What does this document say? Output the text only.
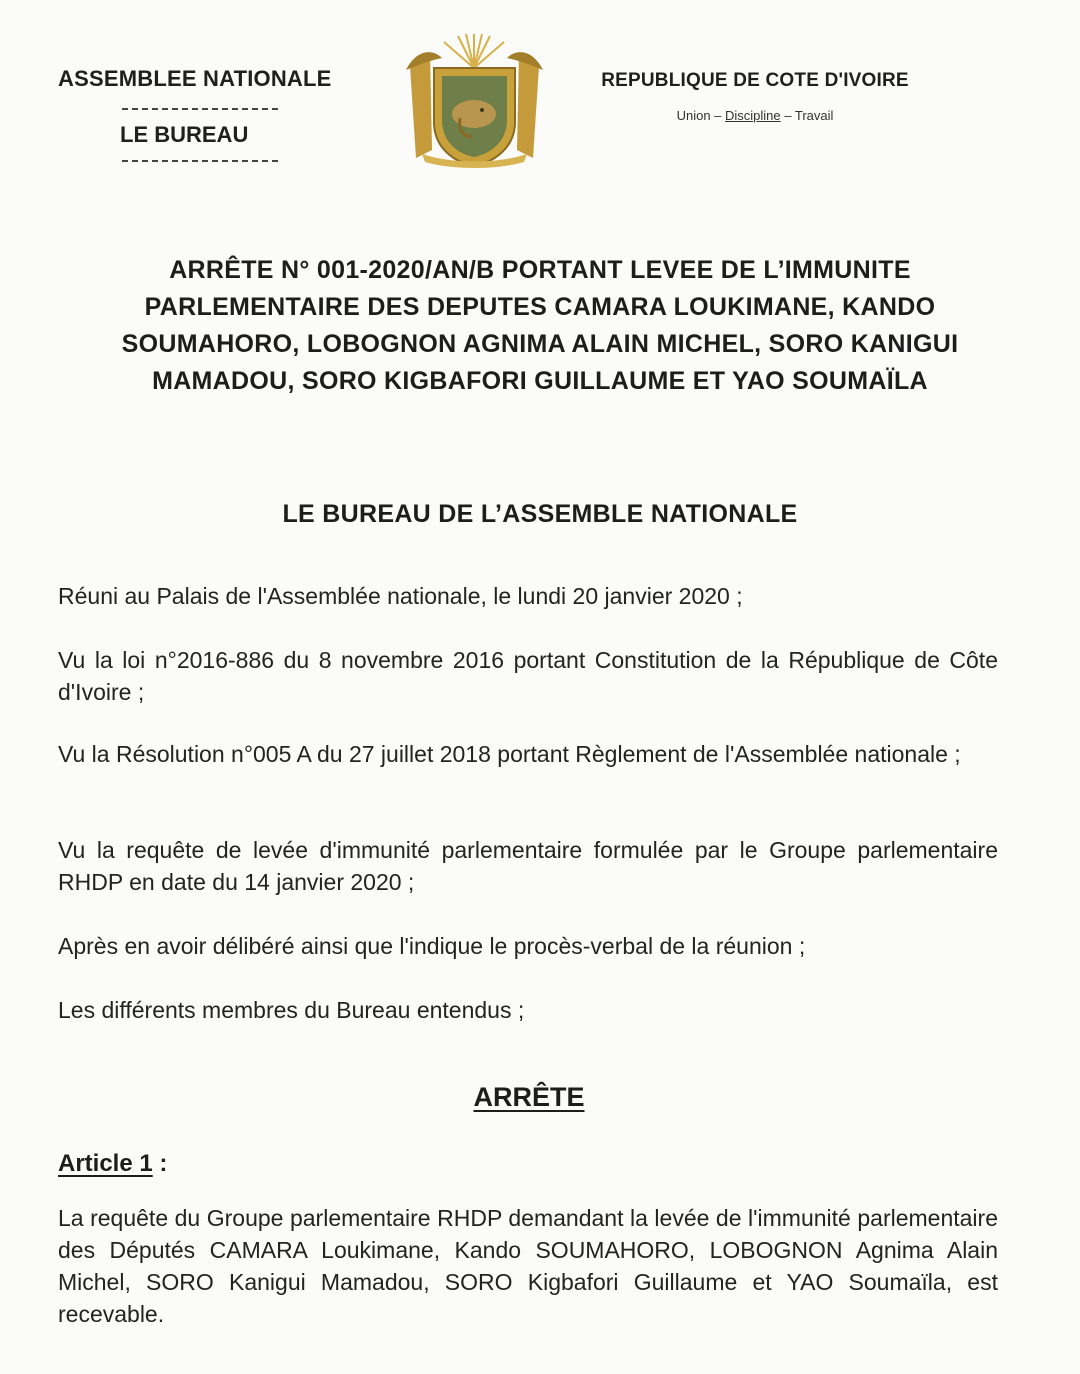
ASSEMBLEE NATIONALE
LE BUREAU
REPUBLIQUE DE COTE D'IVOIRE
Union – Discipline – Travail
ARRÊTE N° 001-2020/AN/B PORTANT LEVEE DE L’IMMUNITE PARLEMENTAIRE DES DEPUTES CAMARA LOUKIMANE, KANDO SOUMAHORO, LOBOGNON AGNIMA ALAIN MICHEL, SORO KANIGUI MAMADOU, SORO KIGBAFORI GUILLAUME ET YAO SOUMAÏLA
LE BUREAU DE L’ASSEMBLE NATIONALE
Réuni au Palais de l'Assemblée nationale, le lundi 20 janvier 2020 ;
Vu la loi n°2016-886 du 8 novembre 2016 portant Constitution de la République de Côte d'Ivoire ;
Vu la Résolution n°005 A du 27 juillet 2018 portant Règlement de l'Assemblée nationale ;
Vu la requête de levée d'immunité parlementaire formulée par le Groupe parlementaire RHDP en date du 14 janvier 2020 ;
Après en avoir délibéré ainsi que l'indique le procès-verbal de la réunion ;
Les différents membres du Bureau entendus ;
ARRÊTE
Article 1 :
La requête du Groupe parlementaire RHDP demandant la levée de l'immunité parlementaire des Députés CAMARA Loukimane, Kando SOUMAHORO, LOBOGNON Agnima Alain Michel, SORO Kanigui Mamadou, SORO Kigbafori Guillaume et YAO Soumaïla, est recevable.
